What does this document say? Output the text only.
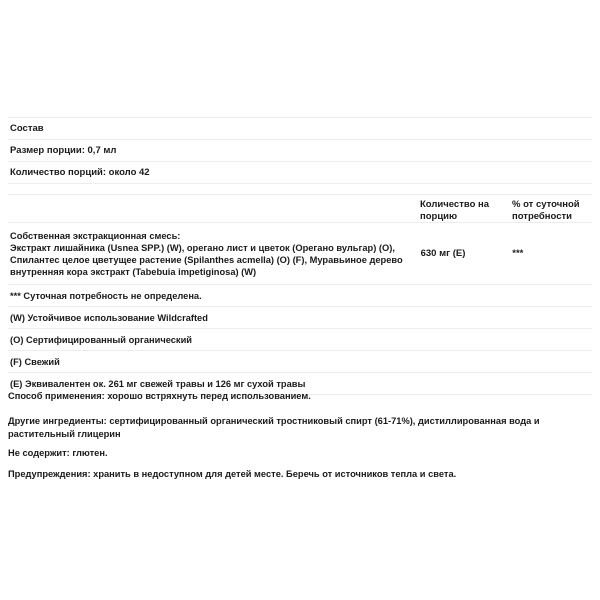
Состав
Размер порции: 0,7 мл
Количество порций: около 42
Количество на порцию
% от суточной потребности
Собственная экстракционная смесь:
Экстракт лишайника (Usnea SPP.) (W), орегано лист и цветок (Орегано вульгар) (O),
Спилантес целое цветущее растение (Spilanthes acmella) (O) (F), Муравьиное дерево
внутренняя кора экстракт (Tabebuia impetiginosa) (W)
630 мг (E)	***
*** Суточная потребность не определена.
(W) Устойчивое использование Wildcrafted
(O) Сертифицированный органический
(F) Свежий
(E) Эквивалентен ок. 261 мг свежей травы и 126 мг сухой травы
Способ применения: хорошо встряхнуть перед использованием.
Другие ингредиенты: сертифицированный органический тростниковый спирт (61-71%), дистиллированная вода и
растительный глицерин
Не содержит: глютен.
Предупреждения: хранить в недоступном для детей месте. Беречь от источников тепла и света.
